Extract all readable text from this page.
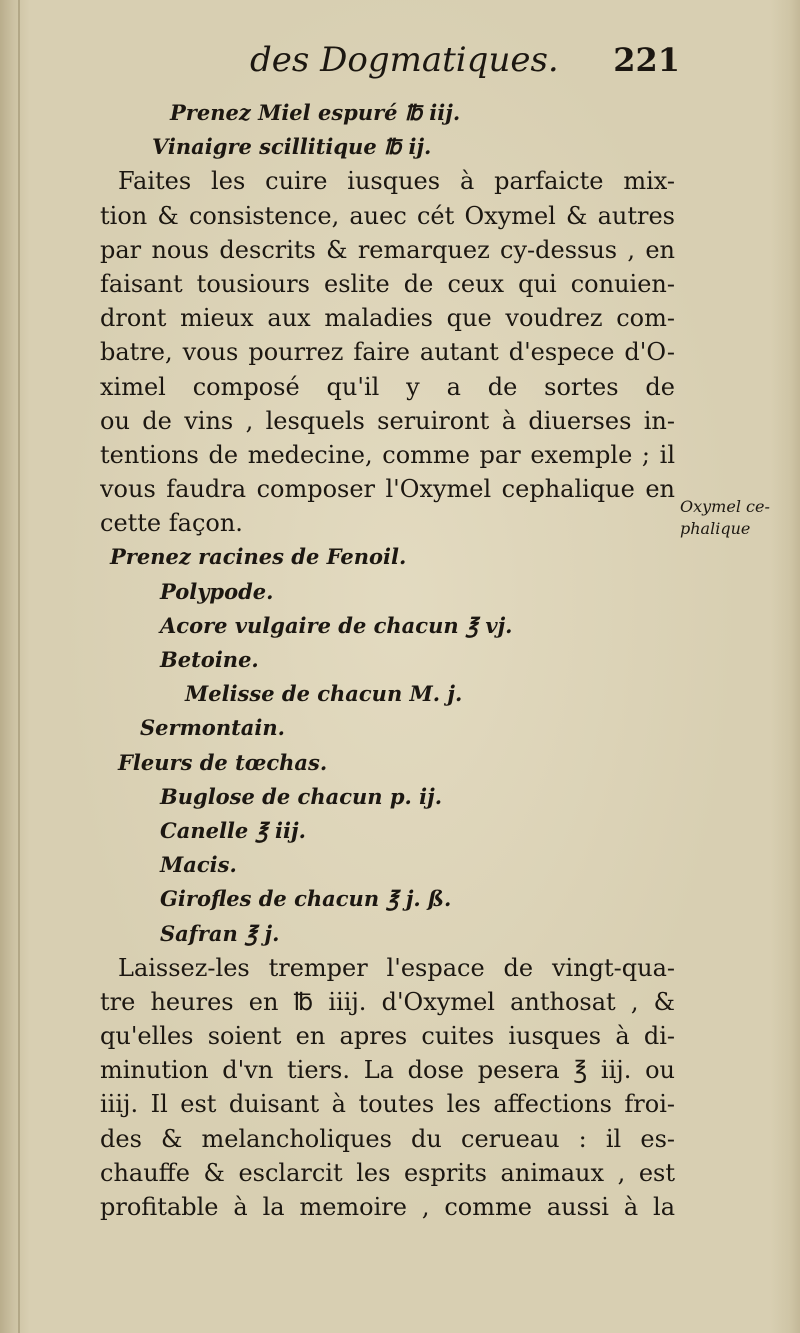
des Dogmatiques. 221
Prenez Miel espuré ℔ iij.
Vinaigre scillitique ℔ ij.
Faites les cuire iusques à parfaicte mix-
tion & consistence, auec cét Oxymel & autres
par nous descrits & remarquez cy-dessus , en
faisant tousiours eslite de ceux qui conuien-
dront mieux aux maladies que voudrez com-
batre, vous pourrez faire autant d'espece d'O-
ximel composé qu'il y a de sortes de
ou de vins , lesquels seruiront à diuerses in-
tentions de medecine, comme par exemple ; il
vous faudra composer l'Oxymel cephalique en
cette façon.
Prenez racines de Fenoil.
Polypode.
Acore vulgaire de chacun ℥ vj.
Betoine.
Melisse de chacun M. j.
Sermontain.
Fleurs de tœchas.
Buglose de chacun p. ij.
Canelle ℥ iij.
Macis.
Girofles de chacun ℥ j. ß.
Safran ℥ j.
Laissez-les tremper l'espace de vingt-qua-
tre heures en ℔ iiij. d'Oxymel anthosat , &
qu'elles soient en apres cuites iusques à di-
minution d'vn tiers. La dose pesera ℥ iij. ou
iiij. Il est duisant à toutes les affections froi-
des & melancholiques du cerueau : il es-
chauffe & esclarcit les esprits animaux , est
profitable à la memoire , comme aussi à la
Oxymel ce-
phalique
